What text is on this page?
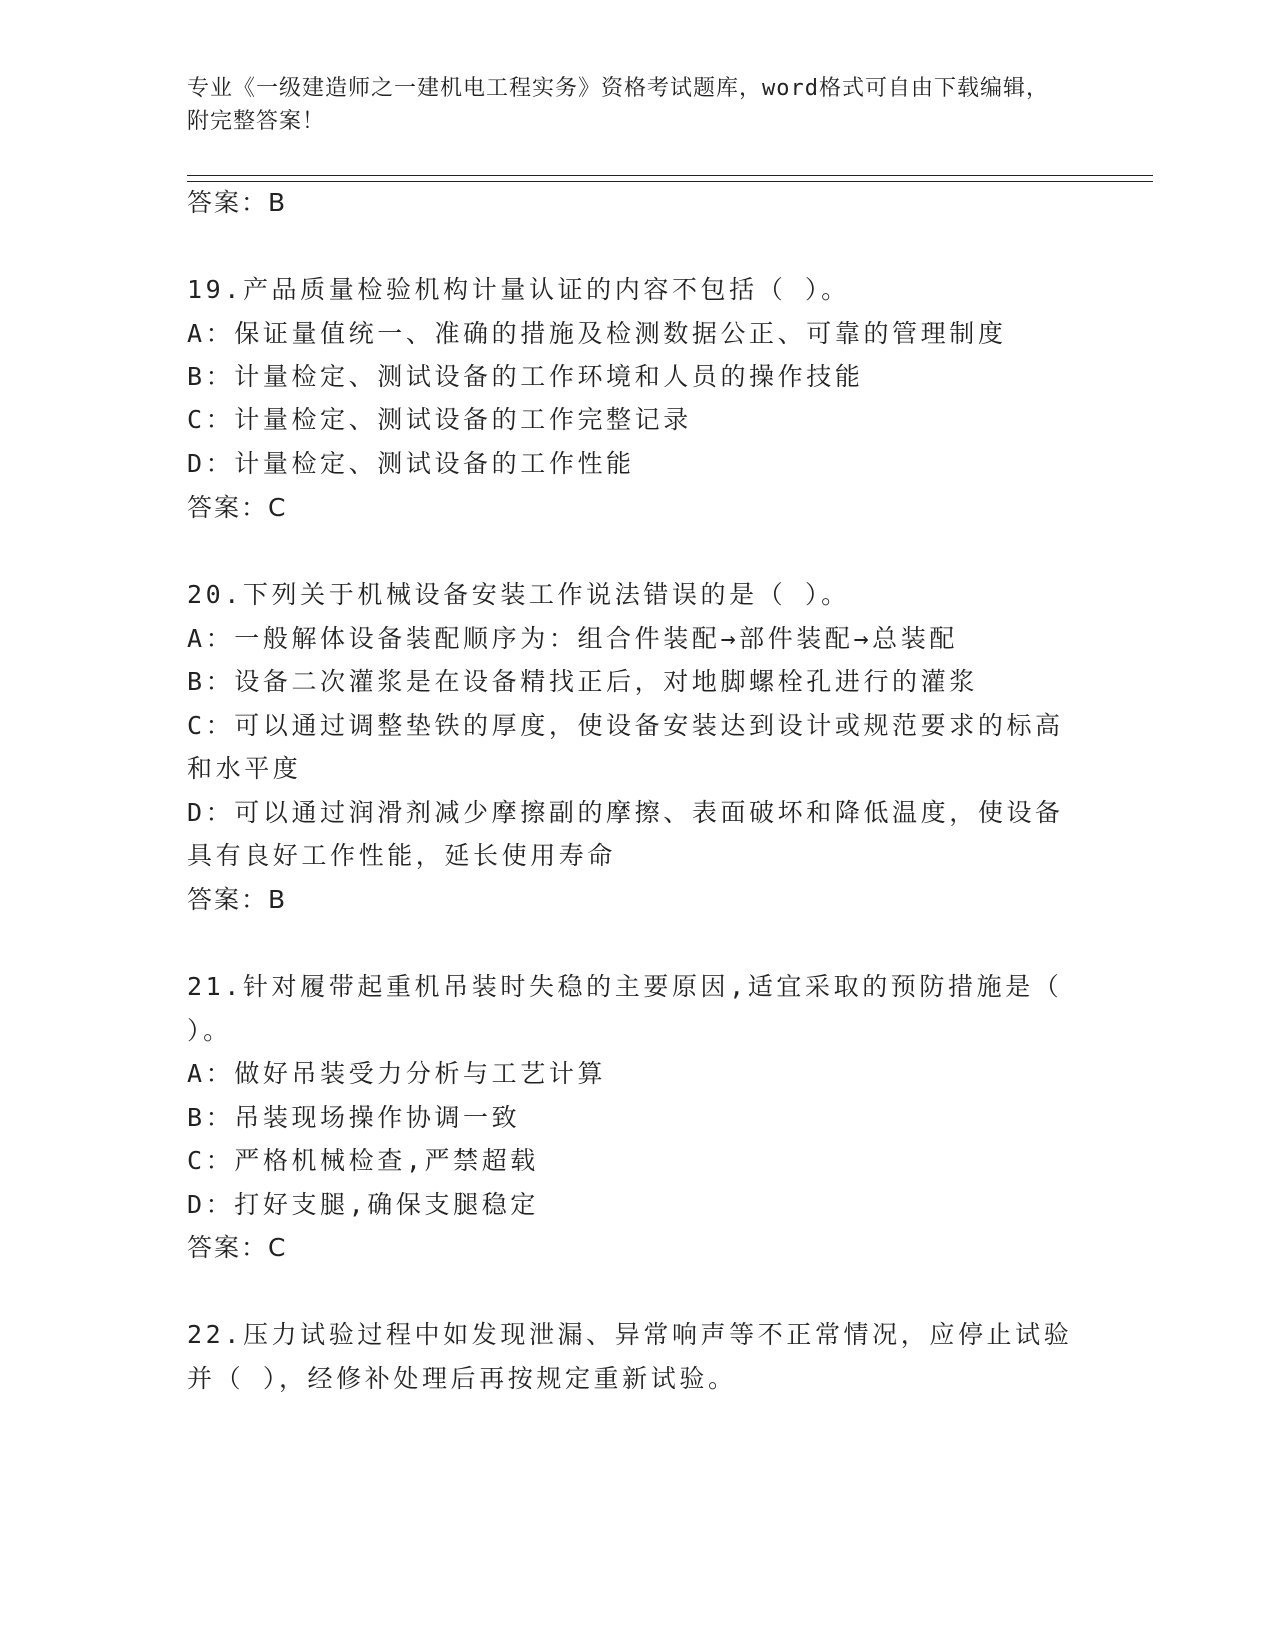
专业《一级建造师之一建机电工程实务》资格考试题库，word格式可自由下载编辑，附完整答案！
答案：B
19.产品质量检验机构计量认证的内容不包括（ ）。
A：保证量值统一、准确的措施及检测数据公正、可靠的管理制度
B：计量检定、测试设备的工作环境和人员的操作技能
C：计量检定、测试设备的工作完整记录
D：计量检定、测试设备的工作性能
答案：C
20.下列关于机械设备安装工作说法错误的是（ ）。
A：一般解体设备装配顺序为：组合件装配→部件装配→总装配
B：设备二次灌浆是在设备精找正后，对地脚螺栓孔进行的灌浆
C：可以通过调整垫铁的厚度，使设备安装达到设计或规范要求的标高
和水平度
D：可以通过润滑剂减少摩擦副的摩擦、表面破坏和降低温度，使设备
具有良好工作性能，延长使用寿命
答案：B
21.针对履带起重机吊装时失稳的主要原因,适宜采取的预防措施是（
）。
A：做好吊装受力分析与工艺计算
B：吊装现场操作协调一致
C：严格机械检查,严禁超载
D：打好支腿,确保支腿稳定
答案：C
22.压力试验过程中如发现泄漏、异常响声等不正常情况，应停止试验
并（ ），经修补处理后再按规定重新试验。
